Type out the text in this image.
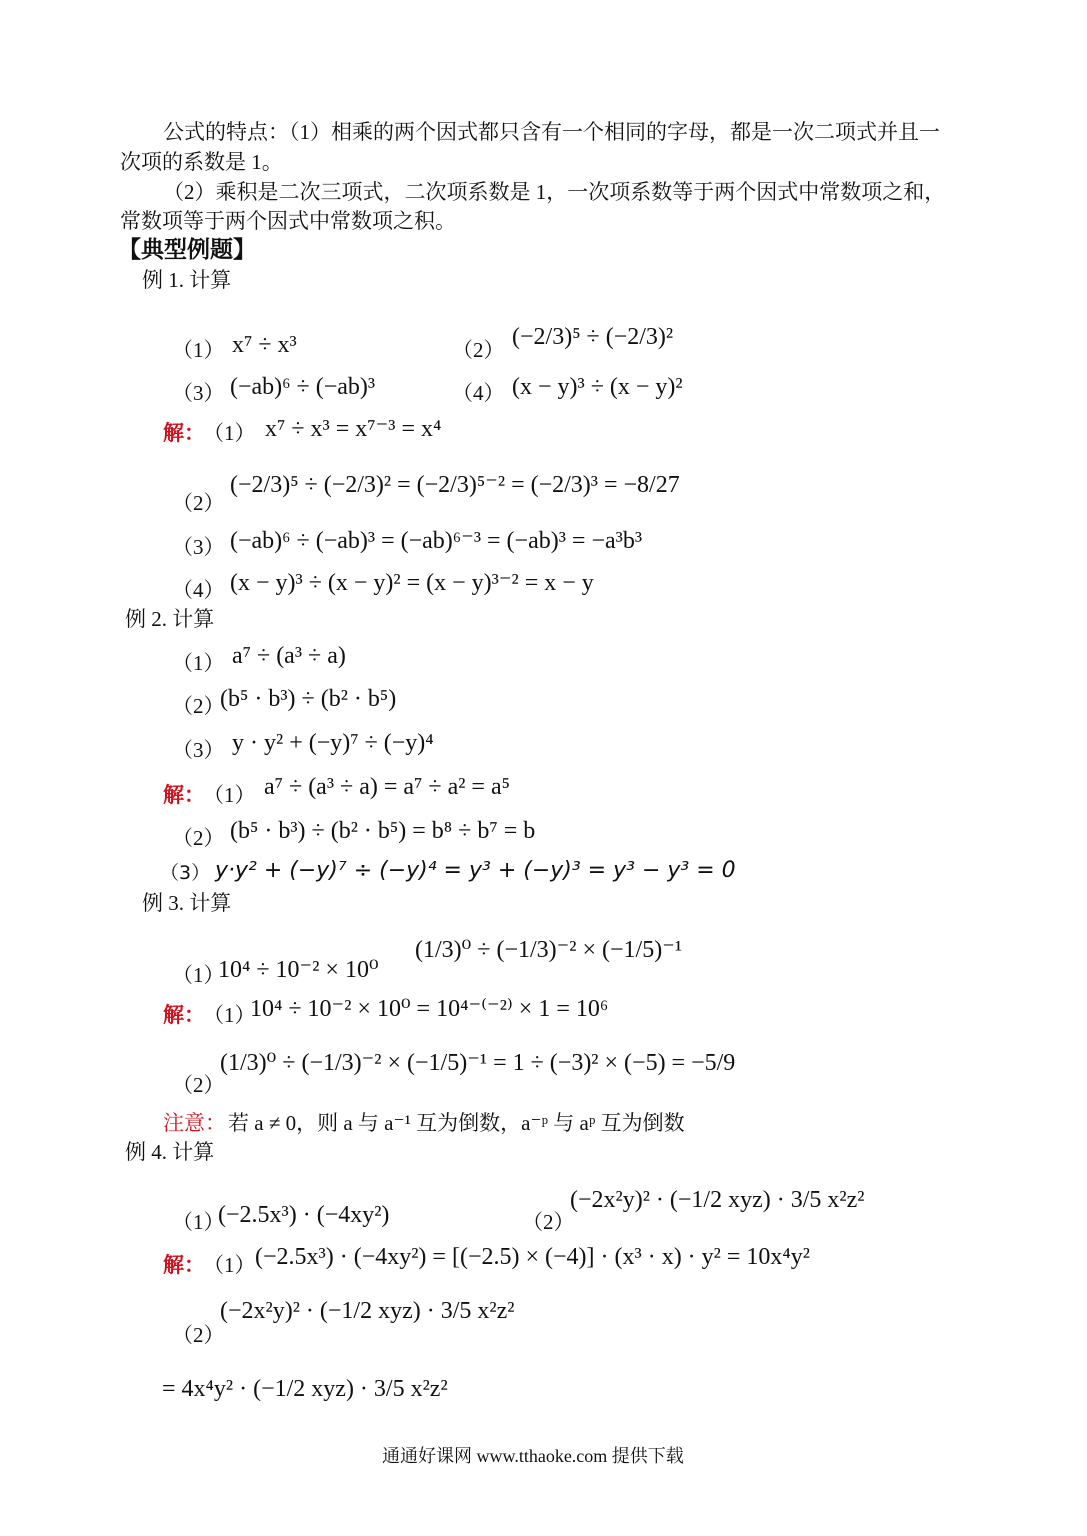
公式的特点：（1）相乘的两个因式都只含有一个相同的字母，都是一次二项式并且一
次项的系数是 1。
（2）乘积是二次三项式，二次项系数是 1，一次项系数等于两个因式中常数项之和，
常数项等于两个因式中常数项之积。
【典型例题】
例 1. 计算
（1） x⁷ ÷ x³	（2） (−2/3)⁵ ÷ (−2/3)²
（3） (−ab)⁶ ÷ (−ab)³	（4） (x − y)³ ÷ (x − y)²
解：
（1） x⁷ ÷ x³ = x⁷⁻³ = x⁴
（2）
(−2/3)⁵ ÷ (−2/3)² = (−2/3)⁵⁻² = (−2/3)³ = −8/27
（3） (−ab)⁶ ÷ (−ab)³ = (−ab)⁶⁻³ = (−ab)³ = −a³b³
（4） (x − y)³ ÷ (x − y)² = (x − y)³⁻² = x − y
例 2. 计算
（1） a⁷ ÷ (a³ ÷ a)
（2）
(b⁵ · b³) ÷ (b² · b⁵)
（3） y · y² + (−y)⁷ ÷ (−y)⁴
解：
（1） a⁷ ÷ (a³ ÷ a) = a⁷ ÷ a² = a⁵
（2） (b⁵ · b³) ÷ (b² · b⁵) = b⁸ ÷ b⁷ = b
（3） y·y² + (−y)⁷ ÷ (−y)⁴ = y³ + (−y)³ = y³ − y³ = 0
例 3. 计算
（1）
10⁴ ÷ 10⁻² × 10⁰
(1/3)⁰ ÷ (−1/3)⁻² × (−1/5)⁻¹
解：
（1）
10⁴ ÷ 10⁻² × 10⁰ = 10⁴⁻⁽⁻²⁾ × 1 = 10⁶
（2）
(1/3)⁰ ÷ (−1/3)⁻² × (−1/5)⁻¹ = 1 ÷ (−3)² × (−5) = −5/9
注意： 若 a ≠ 0，则 a 与 a⁻¹ 互为倒数，a⁻ᵖ 与 aᵖ 互为倒数
例 4. 计算
（1）
(−2.5x³) · (−4xy²)	（2）
(−2x²y)² · (−1/2 xyz) · 3/5 x²z²
解：
（1） (−2.5x³) · (−4xy²) = [(−2.5) × (−4)] · (x³ · x) · y² = 10x⁴y²
（2）
(−2x²y)² · (−1/2 xyz) · 3/5 x²z²
= 4x⁴y² · (−1/2 xyz) · 3/5 x²z²
通通好课网 www.tthaoke.com 提供下载
